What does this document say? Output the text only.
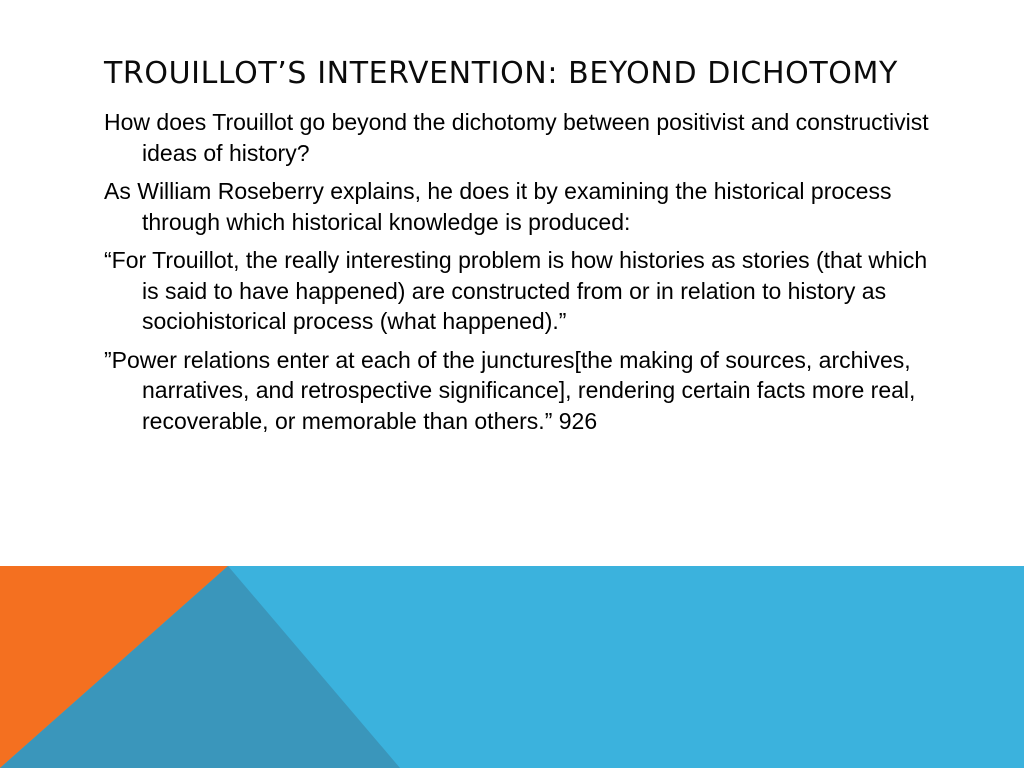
TROUILLOT’S INTERVENTION: BEYOND DICHOTOMY

How does Trouillot go beyond the dichotomy between positivist and constructivist ideas of history?

As William Roseberry explains, he does it by examining the historical process through which historical knowledge is produced:

“For Trouillot, the really interesting problem is how histories as stories (that which is said to have happened) are constructed from or in relation to history as sociohistorical process (what happened).”

”Power relations enter at each of the junctures[the making of sources, archives, narratives, and retrospective significance], rendering certain facts more real, recoverable, or memorable than others.” 926
